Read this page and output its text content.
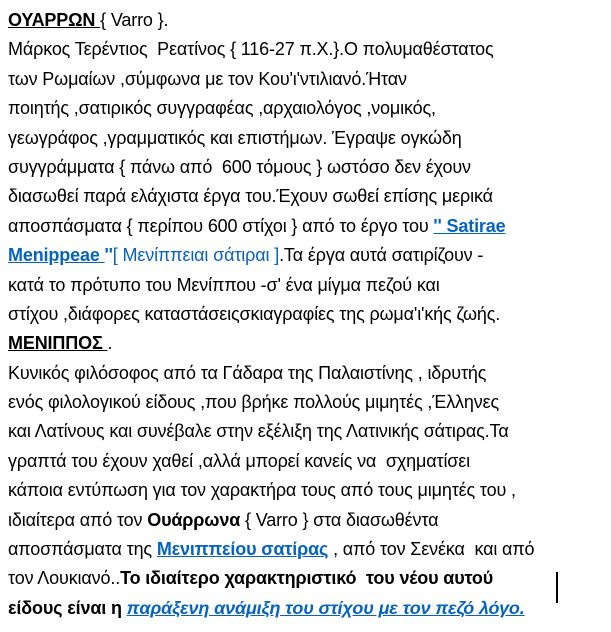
ΟΥΑΡΡΩΝ { Varro }.
Μάρκος Τερέντιος  Ρεατίνος { 116-27 π.Χ.}.Ο πολυμαθέστατος
των Ρωμαίων ,σύμφωνα με τον Κου'ι'ντιλιανό.Ήταν
ποιητής ,σατιρικός συγγραφέας ,αρχαιολόγος ,νομικός,
γεωγράφος ,γραμματικός και επιστήμων. Έγραψε ογκώδη
συγγράμματα { πάνω από  600 τόμους } ωστόσο δεν έχουν
διασωθεί παρά ελάχιστα έργα του.Έχουν σωθεί επίσης μερικά
αποσπάσματα { περίπου 600 στίχοι } από το έργο του '' Satirae
Menippeae ''[ Μενίππειαι σάτιραι ].Τα έργα αυτά σατιρίζουν -
κατά το πρότυπο του Μενίππου -σ' ένα μίγμα πεζού και
στίχου ,διάφορες καταστάσειςσκιαγραφίες της ρωμα'ι'κής ζωής.
ΜΕΝΙΠΠΟΣ .
Κυνικός φιλόσοφος από τα Γάδαρα της Παλαιστίνης , ιδρυτής
ενός φιλολογικού είδους ,που βρήκε πολλούς μιμητές ,Έλληνες
και Λατίνους και συνέβαλε στην εξέλιξη της Λατινικής σάτιρας.Τα
γραπτά του έχουν χαθεί ,αλλά μπορεί κανείς να  σχηματίσει
κάποια εντύπωση για τον χαρακτήρα τους από τους μιμητές του ,
ιδιαίτερα από τον Ουάρρωνα { Varro } στα διασωθέντα
αποσπάσματα της Μενιππείου σατίρας , από τον Σενέκα  και από
τον Λουκιανό..Το ιδιαίτερο χαρακτηριστικό  του νέου αυτού
είδους είναι η παράξενη ανάμιξη του στίχου με τον πεζό λόγο.
